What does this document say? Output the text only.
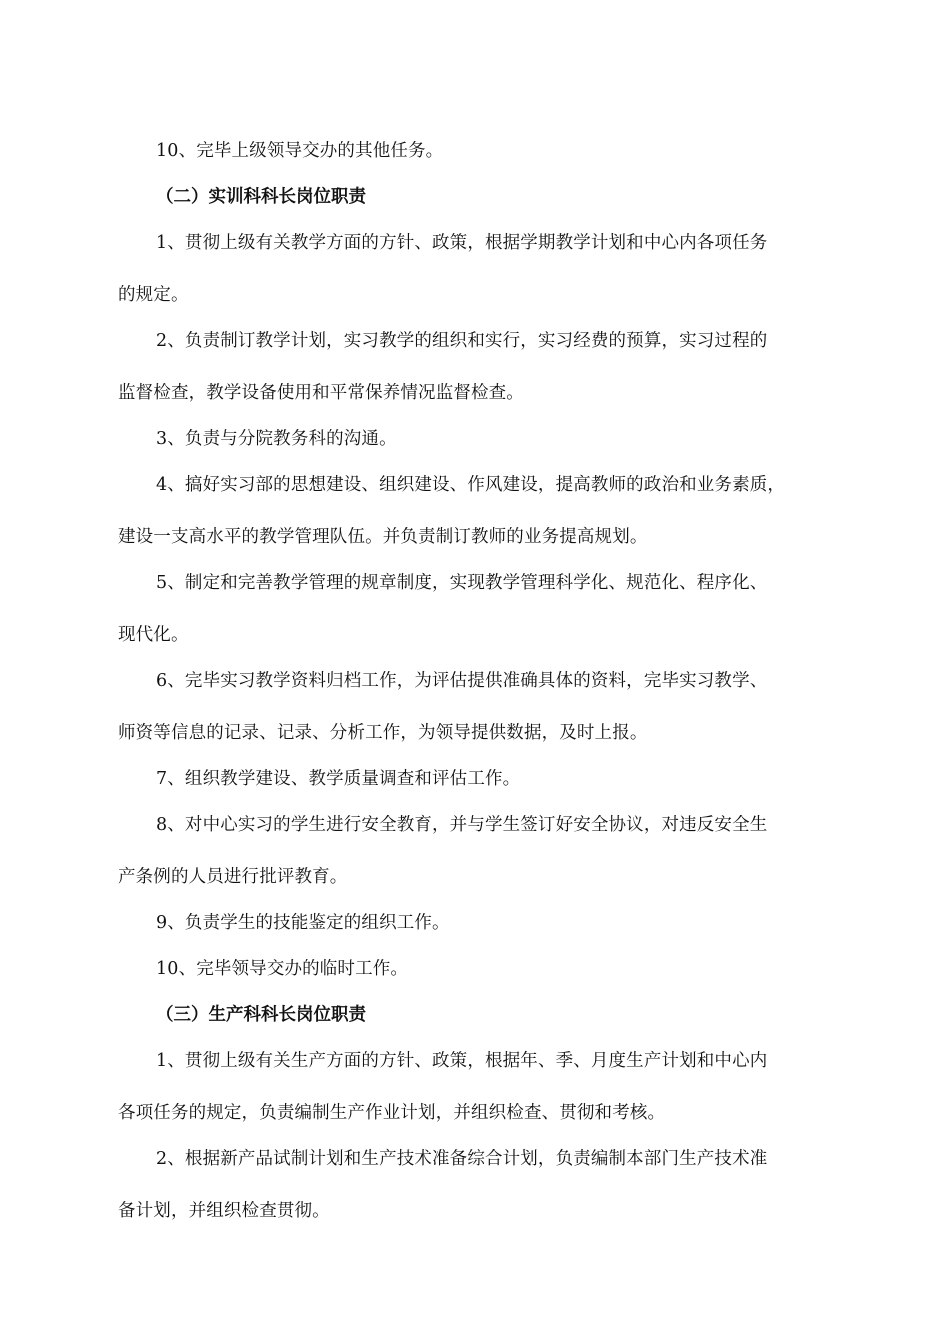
10、完毕上级领导交办的其他任务。

（二）实训科科长岗位职责

1、贯彻上级有关教学方面的方针、政策，根据学期教学计划和中心内各项任务
的规定。

2、负责制订教学计划，实习教学的组织和实行，实习经费的预算，实习过程的
监督检查，教学设备使用和平常保养情况监督检查。

3、负责与分院教务科的沟通。

4、搞好实习部的思想建设、组织建设、作风建设，提高教师的政治和业务素质，
建设一支高水平的教学管理队伍。并负责制订教师的业务提高规划。

5、制定和完善教学管理的规章制度，实现教学管理科学化、规范化、程序化、
现代化。

6、完毕实习教学资料归档工作，为评估提供准确具体的资料，完毕实习教学、
师资等信息的记录、记录、分析工作，为领导提供数据，及时上报。

7、组织教学建设、教学质量调查和评估工作。

8、对中心实习的学生进行安全教育，并与学生签订好安全协议，对违反安全生
产条例的人员进行批评教育。

9、负责学生的技能鉴定的组织工作。

10、完毕领导交办的临时工作。

（三）生产科科长岗位职责

1、贯彻上级有关生产方面的方针、政策，根据年、季、月度生产计划和中心内
各项任务的规定，负责编制生产作业计划，并组织检查、贯彻和考核。

2、根据新产品试制计划和生产技术准备综合计划，负责编制本部门生产技术准
备计划，并组织检查贯彻。
